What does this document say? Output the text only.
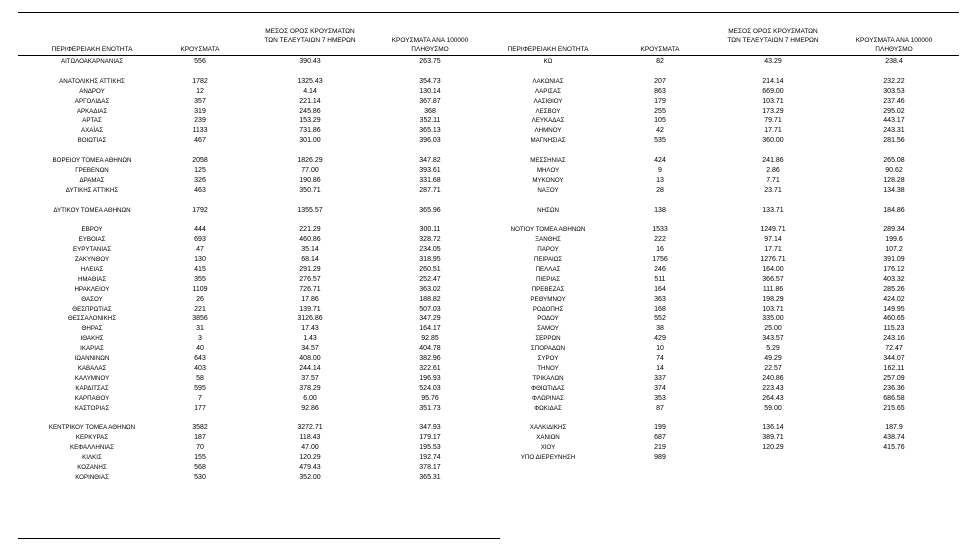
ΠΕΡΙΦΕΡΕΙΑΚΗ ΕΝΟΤΗΤΑ	ΚΡΟΥΣΜΑΤΑ
ΜΕΣΟΣ ΟΡΟΣ ΚΡΟΥΣΜΑΤΩΝ
ΤΩΝ ΤΕΛΕΥΤΑΙΩΝ 7 ΗΜΕΡΩΝ	ΚΡΟΥΣΜΑΤΑ ΑΝΑ 100000
ΠΛΗΘΥΣΜΟ	ΠΕΡΙΦΕΡΕΙΑΚΗ ΕΝΟΤΗΤΑ	ΚΡΟΥΣΜΑΤΑ
ΜΕΣΟΣ ΟΡΟΣ ΚΡΟΥΣΜΑΤΩΝ
ΤΩΝ ΤΕΛΕΥΤΑΙΩΝ 7 ΗΜΕΡΩΝ	ΚΡΟΥΣΜΑΤΑ ΑΝΑ 100000
ΠΛΗΘΥΣΜΟ
ΑΙΤΩΛΟΑΚΑΡΝΑΝΙΑΣ	556	390.43	263.75
ΑΝΑΤΟΛΙΚΗΣ ΑΤΤΙΚΗΣ	1782	1325.43	354.73
ΑΝΔΡΟΥ	12	4.14	130.14
ΑΡΓΟΛΙΔΑΣ	357	221.14	367.87
ΑΡΚΑΔΙΑΣ	319	245.86	368
ΑΡΤΑΣ	239	153.29	352.11
ΑΧΑΪΑΣ	1133	731.86	365.13
ΒΟΙΩΤΙΑΣ	467	301.00	396.03
ΒΟΡΕΙΟΥ ΤΟΜΕΑ ΑΘΗΝΩΝ	2058	1826.29	347.82
ΓΡΕΒΕΝΩΝ	125	77.00	393.61
ΔΡΑΜΑΣ	326	190.86	331.68
ΔΥΤΙΚΗΣ ΑΤΤΙΚΗΣ	463	350.71	287.71
ΔΥΤΙΚΟΥ ΤΟΜΕΑ ΑΘΗΝΩΝ	1792	1355.57	365.96
ΕΒΡΟΥ	444	221.29	300.11
ΕΥΒΟΙΑΣ	693	460.86	328.72
ΕΥΡΥΤΑΝΙΑΣ	47	35.14	234.05
ΖΑΚΥΝΘΟΥ	130	68.14	318.95
ΗΛΕΙΑΣ	415	291.29	260.51
ΗΜΑΘΙΑΣ	355	276.57	252.47
ΗΡΑΚΛΕΙΟΥ	1109	726.71	363.02
ΘΑΣΟΥ	26	17.86	188.82
ΘΕΣΠΡΩΤΙΑΣ	221	139.71	507.03
ΘΕΣΣΑΛΟΝΙΚΗΣ	3856	3126.86	347.29
ΘΗΡΑΣ	31	17.43	164.17
ΙΘΑΚΗΣ	3	1.43	92.85
ΙΚΑΡΙΑΣ	40	34.57	404.78
ΙΩΑΝΝΙΝΩΝ	643	408.00	382.96
ΚΑΒΑΛΑΣ	403	244.14	322.61
ΚΑΛΥΜΝΟΥ	58	37.57	196.93
ΚΑΡΔΙΤΣΑΣ	595	378.29	524.03
ΚΑΡΠΑΘΟΥ	7	6.00	95.76
ΚΑΣΤΟΡΙΑΣ	177	92.86	351.73
ΚΕΝΤΡΙΚΟΥ ΤΟΜΕΑ ΑΘΗΝΩΝ	3582	3272.71	347.93
ΚΕΡΚΥΡΑΣ	187	118.43	179.17
ΚΕΦΑΛΛΗΝΙΑΣ	70	47.00	195.53
ΚΙΛΚΙΣ	155	120.29	192.74
ΚΟΖΑΝΗΣ	568	479.43	378.17
ΚΟΡΙΝΘΙΑΣ	530	352.00	365.31
ΚΩ	82	43.29	238.4
ΛΑΚΩΝΙΑΣ	207	214.14	232.22
ΛΑΡΙΣΑΣ	863	669.00	303.53
ΛΑΣΙΘΙΟΥ	179	103.71	237.46
ΛΕΣΒΟΥ	255	173.29	295.02
ΛΕΥΚΑΔΑΣ	105	79.71	443.17
ΛΗΜΝΟΥ	42	17.71	243.31
ΜΑΓΝΗΣΙΑΣ	535	360.00	281.56
ΜΕΣΣΗΝΙΑΣ	424	241.86	265.08
ΜΗΛΟΥ	9	2.86	90.62
ΜΥΚΟΝΟΥ	13	7.71	128.28
ΝΑΞΟΥ	28	23.71	134.38
ΝΗΣΩΝ	138	133.71	184.86
ΝΟΤΙΟΥ ΤΟΜΕΑ ΑΘΗΝΩΝ	1533	1249.71	289.34
ΞΑΝΘΗΣ	222	97.14	199.6
ΠΑΡΟΥ	16	17.71	107.2
ΠΕΙΡΑΙΩΣ	1756	1276.71	391.09
ΠΕΛΛΑΣ	246	164.00	176.12
ΠΙΕΡΙΑΣ	511	366.57	403.32
ΠΡΕΒΕΖΑΣ	164	111.86	285.26
ΡΕΘΥΜΝΟΥ	363	198.29	424.02
ΡΟΔΟΠΗΣ	168	103.71	149.95
ΡΟΔΟΥ	552	335.00	460.65
ΣΑΜΟΥ	38	25.00	115.23
ΣΕΡΡΩΝ	429	343.57	243.16
ΣΠΟΡΑΔΩΝ	10	5.29	72.47
ΣΥΡΟΥ	74	49.29	344.07
ΤΗΝΟΥ	14	22.57	162.11
ΤΡΙΚΑΛΩΝ	337	240.86	257.09
ΦΘΙΩΤΙΔΑΣ	374	223.43	236.36
ΦΛΩΡΙΝΑΣ	353	264.43	686.58
ΦΩΚΙΔΑΣ	87	59.00	215.65
ΧΑΛΚΙΔΙΚΗΣ	199	136.14	187.9
ΧΑΝΙΩΝ	687	389.71	438.74
ΧΙΟΥ	219	120.29	415.76
ΥΠΟ ΔΙΕΡΕΥΝΗΣΗ	989
